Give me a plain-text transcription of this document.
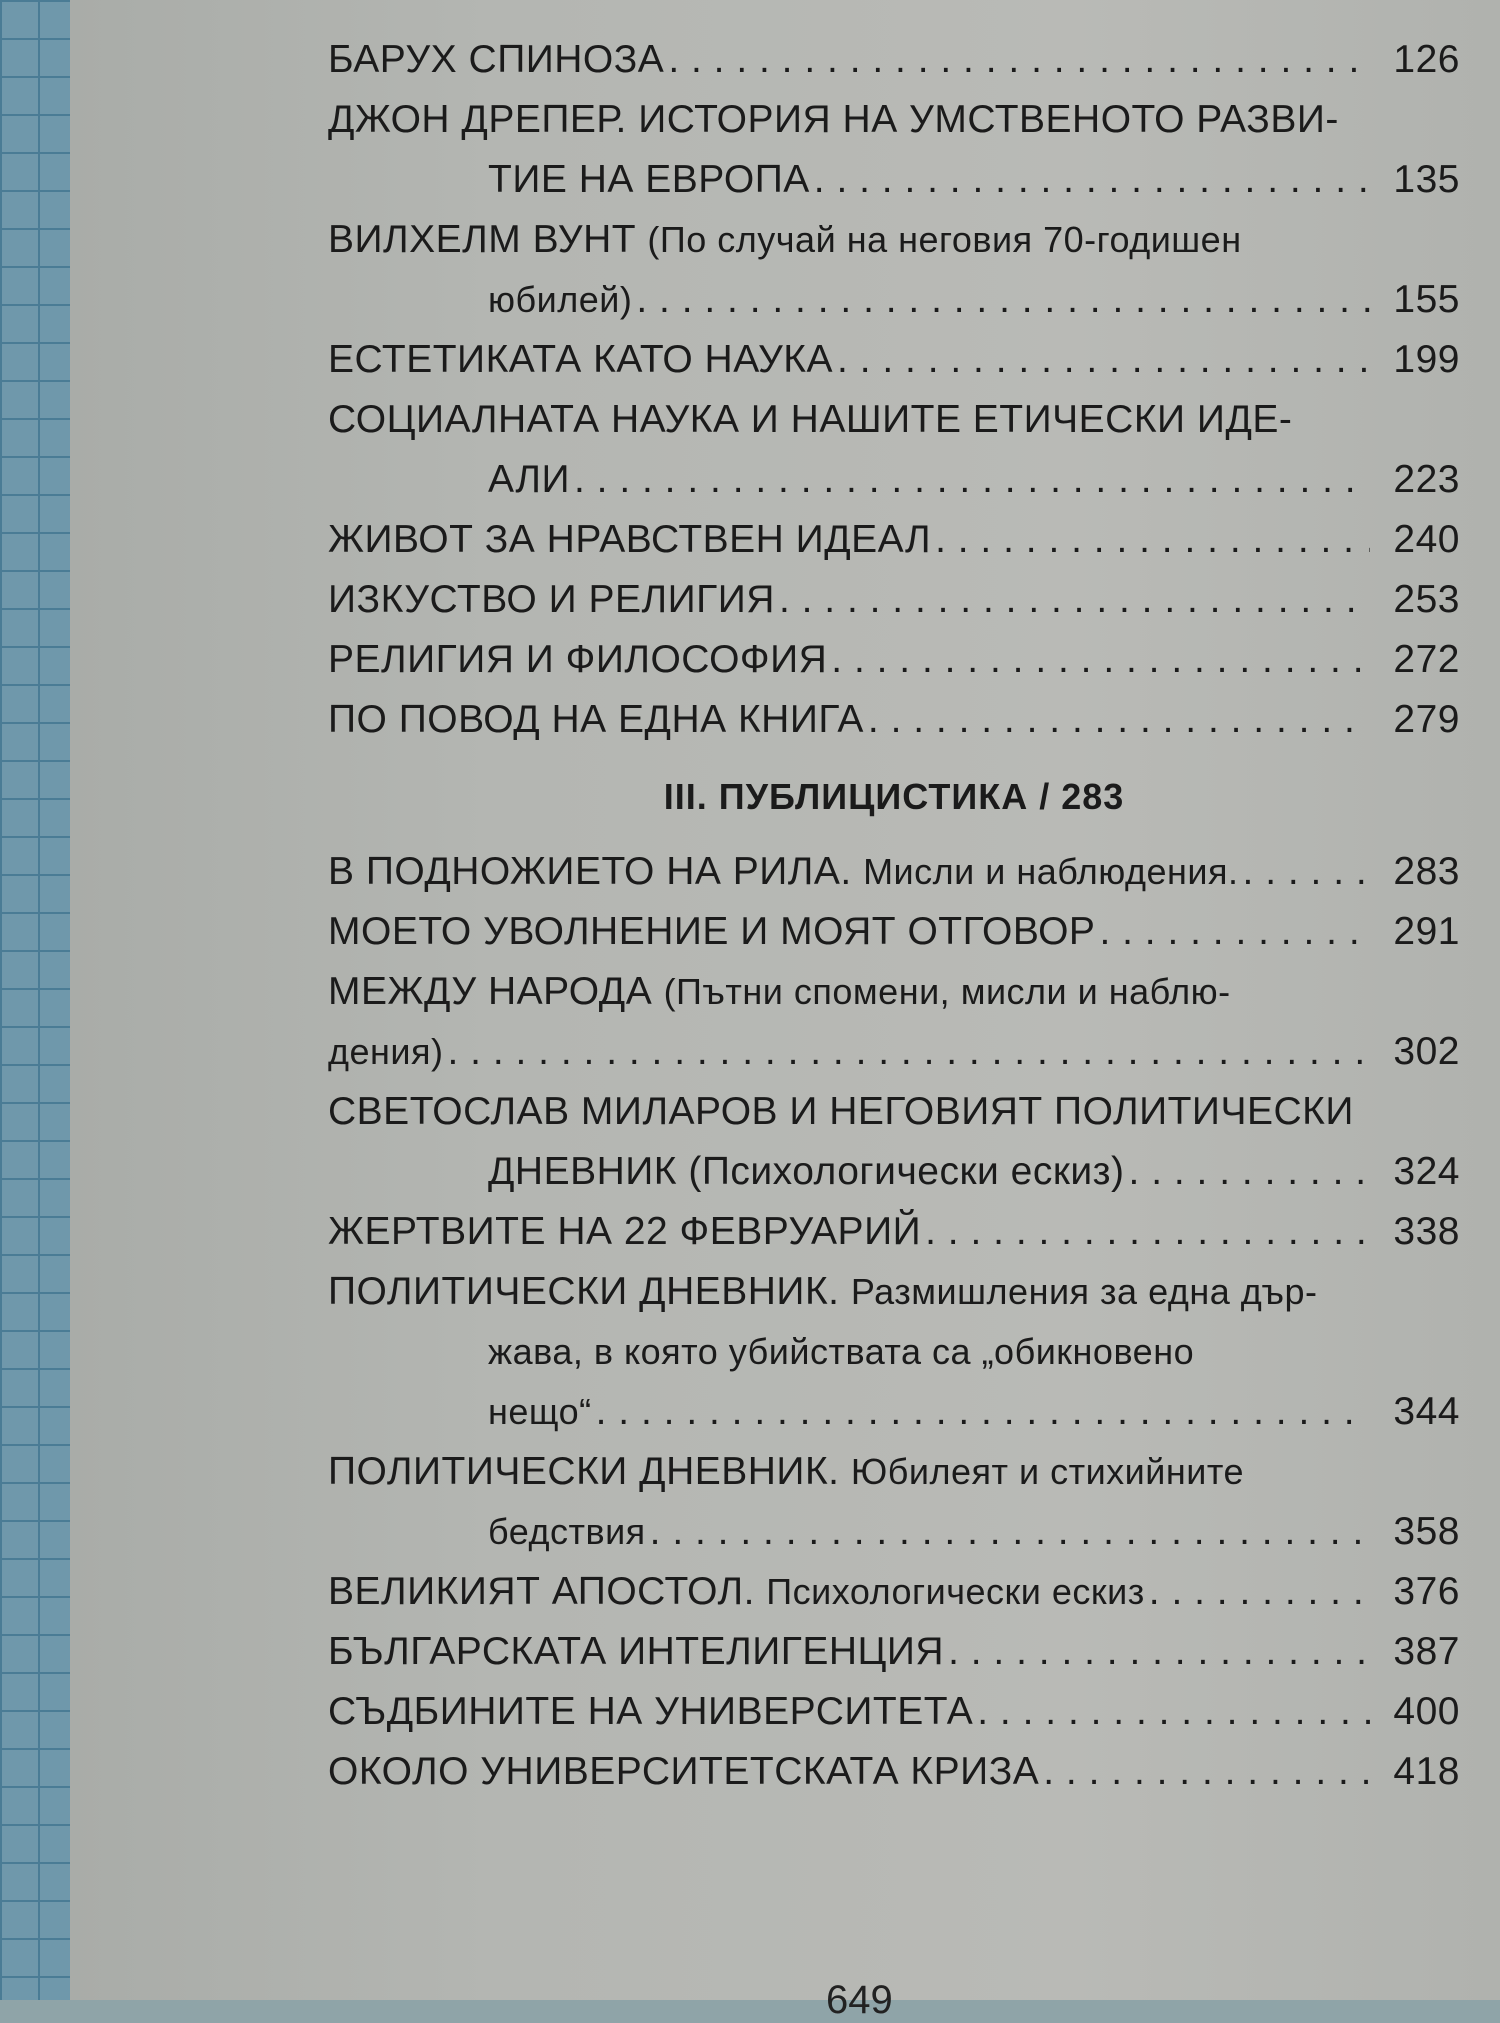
БАРУХ СПИНОЗА . . .	126
ДЖОН ДРЕПЕР. ИСТОРИЯ НА УМСТВЕНОТО РАЗВИ-
ТИЕ НА ЕВРОПА . . .	135
ВИЛХЕЛМ ВУНТ (По случай на неговия 70-годишен
юбилей) . . .	155
ЕСТЕТИКАТА КАТО НАУКА . . .	199
СОЦИАЛНАТА НАУКА И НАШИТЕ ЕТИЧЕСКИ ИДЕ-
АЛИ . . .	223
ЖИВОТ ЗА НРАВСТВЕН ИДЕАЛ . . .	240
ИЗКУСТВО И РЕЛИГИЯ . . .	253
РЕЛИГИЯ И ФИЛОСОФИЯ . . .	272
ПО ПОВОД НА ЕДНА КНИГА . . .	279
III. ПУБЛИЦИСТИКА / 283
В ПОДНОЖИЕТО НА РИЛА. Мисли и наблюдения. . . .	283
МОЕТО УВОЛНЕНИЕ И МОЯТ ОТГОВОР . . .	291
МЕЖДУ НАРОДА (Пътни спомени, мисли и наблю-
дения) . . .	302
СВЕТОСЛАВ МИЛАРОВ И НЕГОВИЯТ ПОЛИТИЧЕСКИ
ДНЕВНИК (Психологически ескиз) . . .	324
ЖЕРТВИТЕ НА 22 ФЕВРУАРИЙ . . .	338
ПОЛИТИЧЕСКИ ДНЕВНИК. Размишления за една дър-
жава, в която убийствата са „обикновено
нещо“ . . .	344
ПОЛИТИЧЕСКИ ДНЕВНИК. Юбилеят и стихийните
бедствия . . .	358
ВЕЛИКИЯТ АПОСТОЛ. Психологически ескиз . . .	376
БЪЛГАРСКАТА ИНТЕЛИГЕНЦИЯ . . .	387
СЪДБИНИТЕ НА УНИВЕРСИТЕТА . . .	400
ОКОЛО УНИВЕРСИТЕТСКАТА КРИЗА . . .	418
649
